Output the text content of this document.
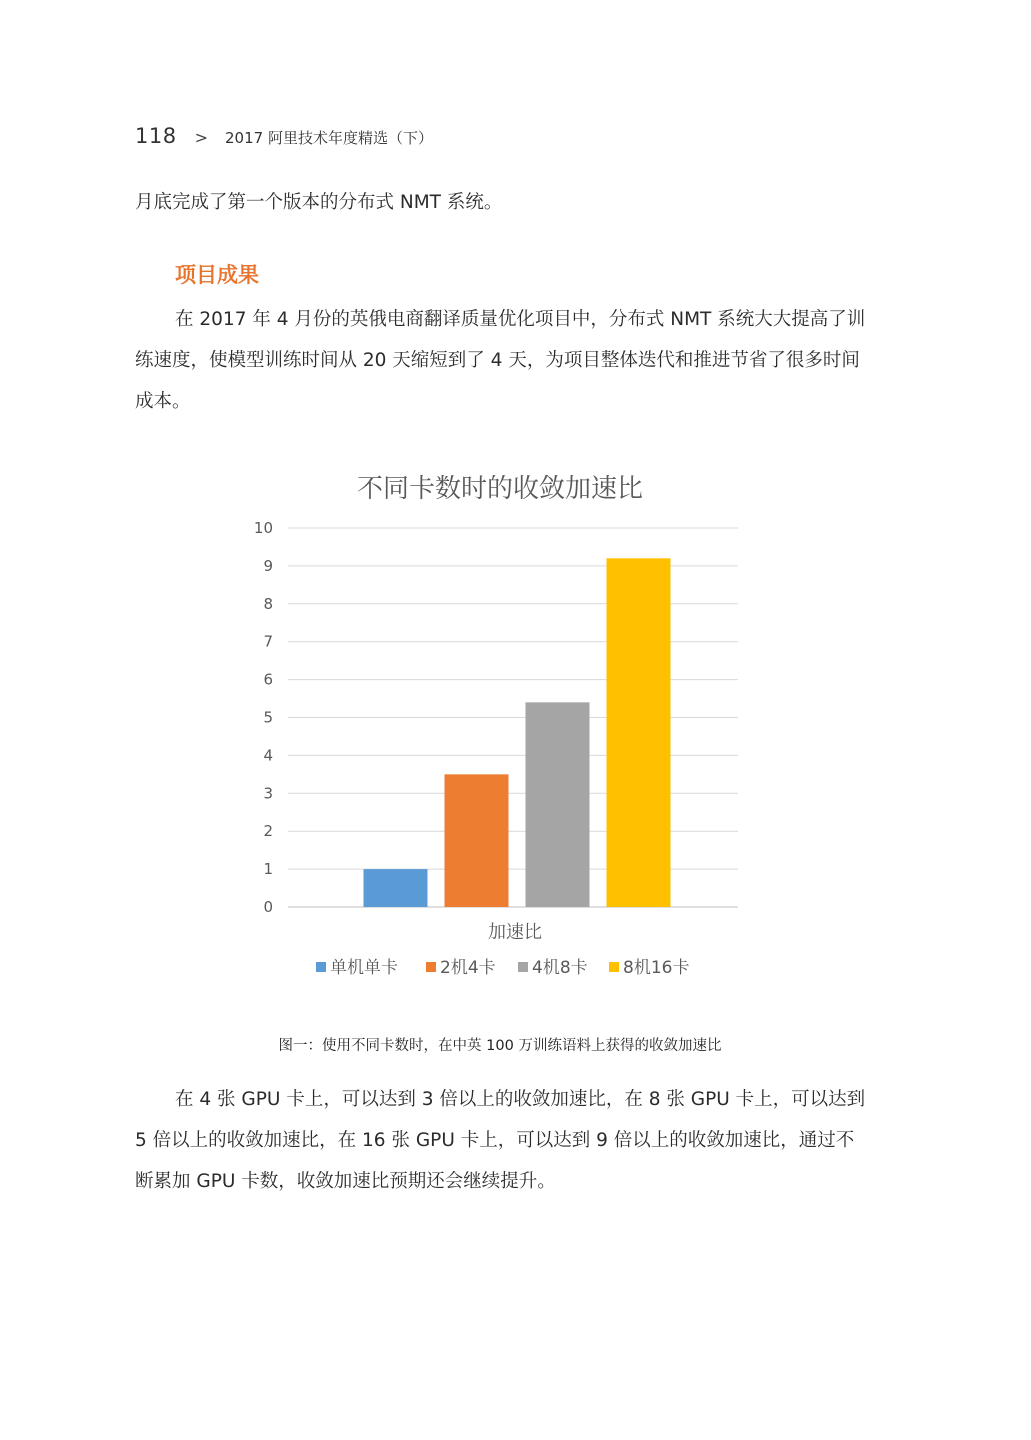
118 > 2017 阿里技术年度精选（下）

月底完成了第一个版本的分布式 NMT 系统。

项目成果

在 2017 年 4 月份的英俄电商翻译质量优化项目中，分布式 NMT 系统大大提高了训练速度，使模型训练时间从 20 天缩短到了 4 天，为项目整体迭代和推进节省了很多时间成本。

不同卡数时的收敛加速比
0
1
2
3
4
5
6
7
8
9
10
加速比
单机单卡 2机4卡 4机8卡 8机16卡

图一：使用不同卡数时，在中英 100 万训练语料上获得的收敛加速比

在 4 张 GPU 卡上，可以达到 3 倍以上的收敛加速比，在 8 张 GPU 卡上，可以达到 5 倍以上的收敛加速比，在 16 张 GPU 卡上，可以达到 9 倍以上的收敛加速比，通过不断累加 GPU 卡数，收敛加速比预期还会继续提升。
